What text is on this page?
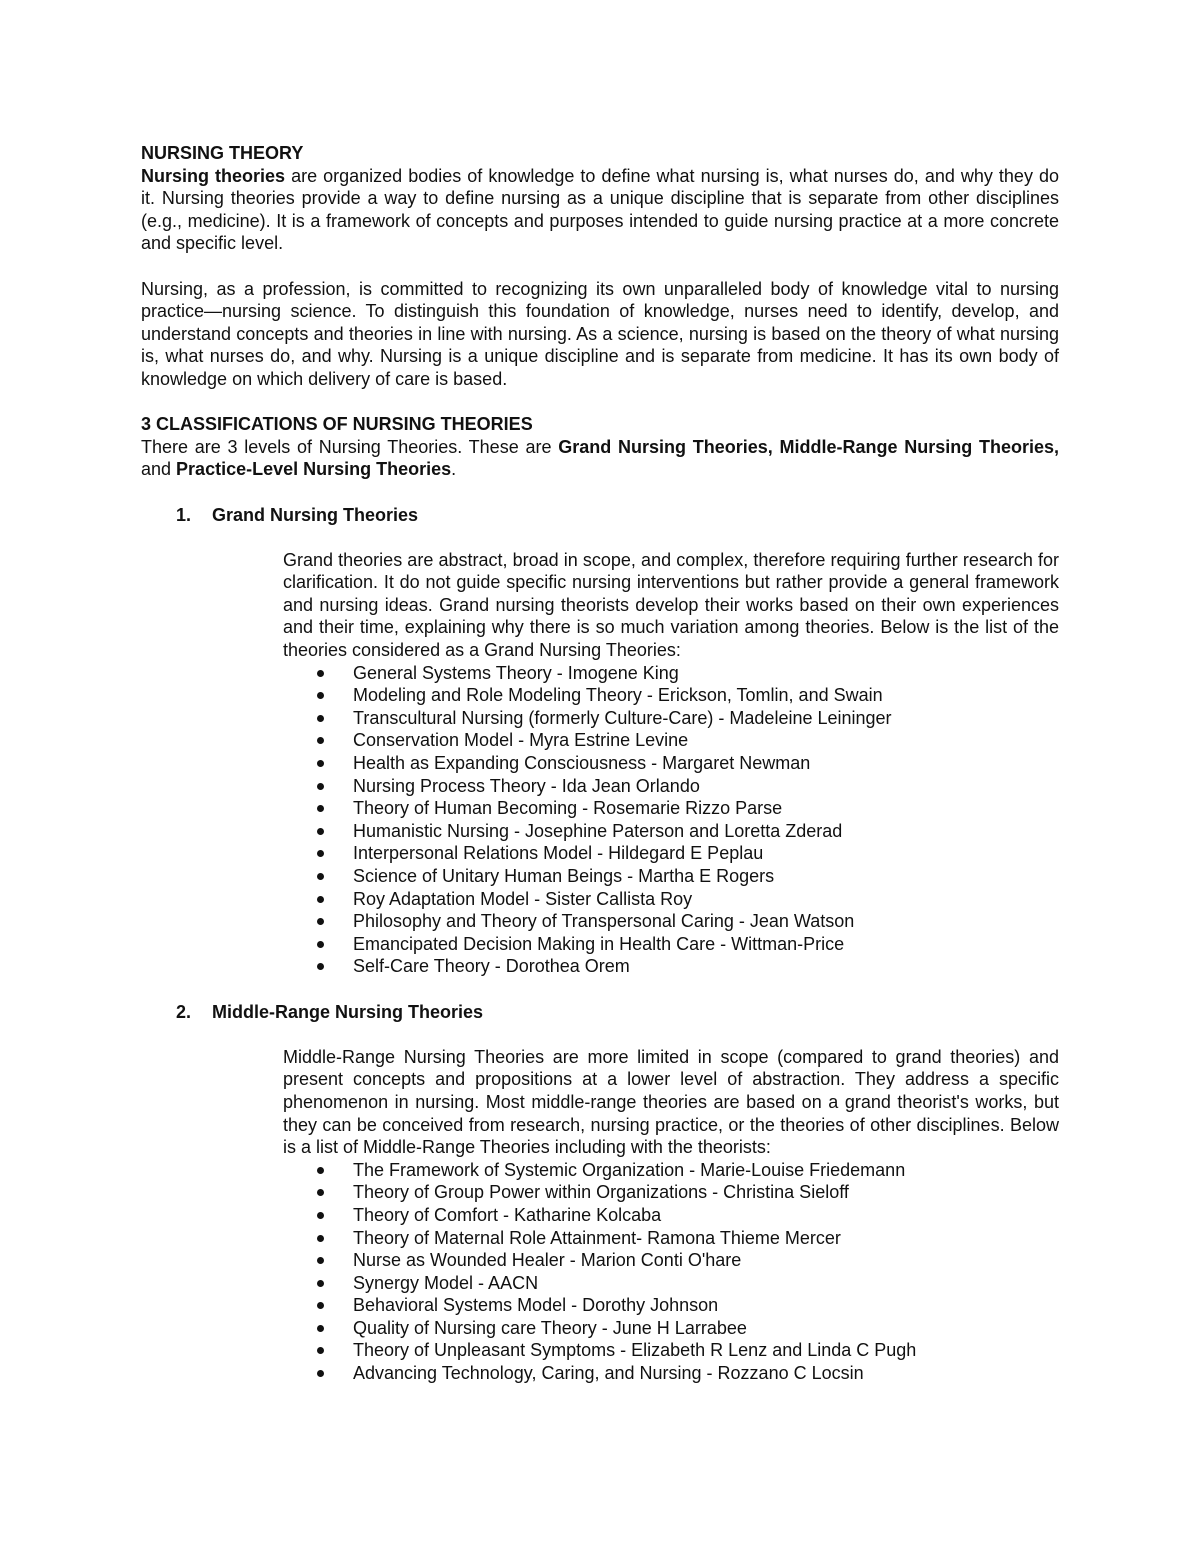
NURSING THEORY

Nursing theories are organized bodies of knowledge to define what nursing is, what nurses do, and why they do it. Nursing theories provide a way to define nursing as a unique discipline that is separate from other disciplines (e.g., medicine). It is a framework of concepts and purposes intended to guide nursing practice at a more concrete and specific level.

Nursing, as a profession, is committed to recognizing its own unparalleled body of knowledge vital to nursing practice—nursing science. To distinguish this foundation of knowledge, nurses need to identify, develop, and understand concepts and theories in line with nursing. As a science, nursing is based on the theory of what nursing is, what nurses do, and why. Nursing is a unique discipline and is separate from medicine. It has its own body of knowledge on which delivery of care is based.

3 CLASSIFICATIONS OF NURSING THEORIES

There are 3 levels of Nursing Theories. These are Grand Nursing Theories, Middle-Range Nursing Theories, and Practice-Level Nursing Theories.

1. Grand Nursing Theories

Grand theories are abstract, broad in scope, and complex, therefore requiring further research for clarification. It do not guide specific nursing interventions but rather provide a general framework and nursing ideas. Grand nursing theorists develop their works based on their own experiences and their time, explaining why there is so much variation among theories. Below is the list of the theories considered as a Grand Nursing Theories:

General Systems Theory - Imogene King
Modeling and Role Modeling Theory - Erickson, Tomlin, and Swain
Transcultural Nursing (formerly Culture-Care) - Madeleine Leininger
Conservation Model - Myra Estrine Levine
Health as Expanding Consciousness - Margaret Newman
Nursing Process Theory - Ida Jean Orlando
Theory of Human Becoming - Rosemarie Rizzo Parse
Humanistic Nursing - Josephine Paterson and Loretta Zderad
Interpersonal Relations Model - Hildegard E Peplau
Science of Unitary Human Beings - Martha E Rogers
Roy Adaptation Model - Sister Callista Roy
Philosophy and Theory of Transpersonal Caring - Jean Watson
Emancipated Decision Making in Health Care - Wittman-Price
Self-Care Theory - Dorothea Orem

2. Middle-Range Nursing Theories

Middle-Range Nursing Theories are more limited in scope (compared to grand theories) and present concepts and propositions at a lower level of abstraction. They address a specific phenomenon in nursing. Most middle-range theories are based on a grand theorist's works, but they can be conceived from research, nursing practice, or the theories of other disciplines. Below is a list of Middle-Range Theories including with the theorists:

The Framework of Systemic Organization - Marie-Louise Friedemann
Theory of Group Power within Organizations - Christina Sieloff
Theory of Comfort - Katharine Kolcaba
Theory of Maternal Role Attainment- Ramona Thieme Mercer
Nurse as Wounded Healer - Marion Conti O'hare
Synergy Model - AACN
Behavioral Systems Model - Dorothy Johnson
Quality of Nursing care Theory - June H Larrabee
Theory of Unpleasant Symptoms - Elizabeth R Lenz and Linda C Pugh
Advancing Technology, Caring, and Nursing - Rozzano C Locsin
